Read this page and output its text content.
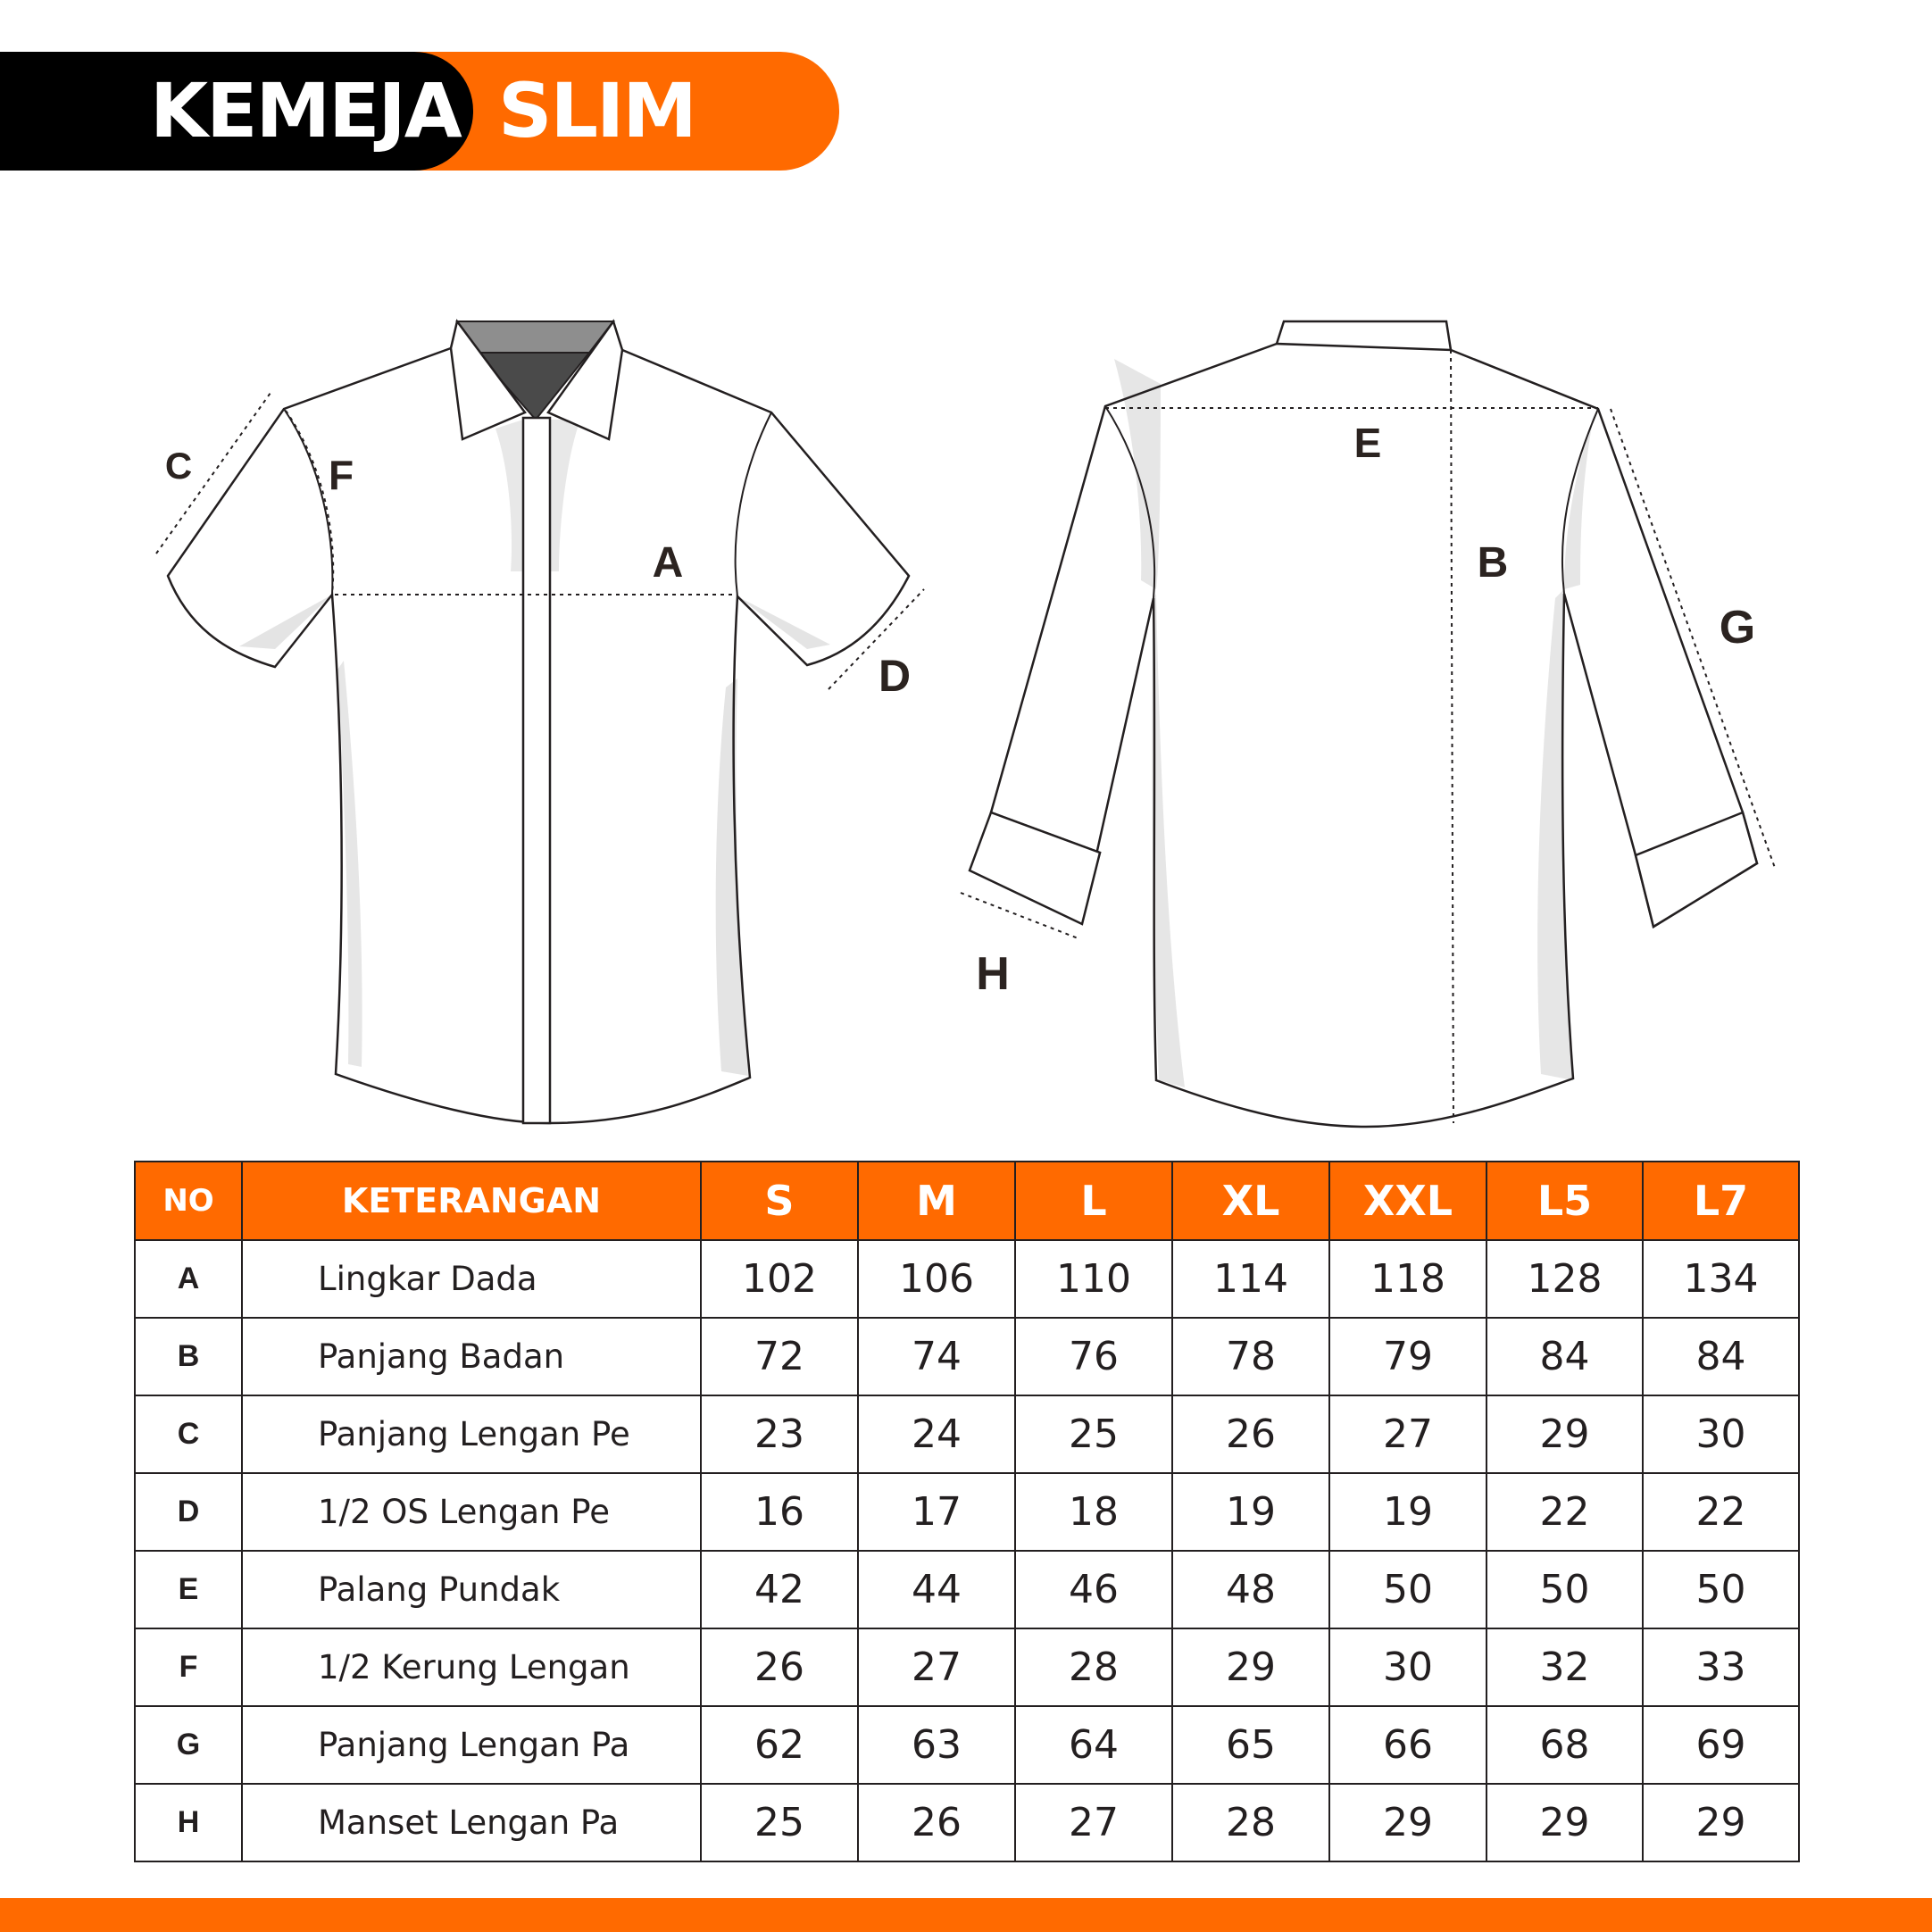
KEMEJA SLIM FIT
C	F
A
D
E
B
G
H
NO	KETERANGAN	S	M	L	XL	XXL	L5	L7
A	Lingkar Dada	102	106	110	114	118	128	134
B	Panjang Badan	72	74	76	78	79	84	84
C	Panjang Lengan Pe	23	24	25	26	27	29	30
D	1/2 OS Lengan Pe	16	17	18	19	19	22	22
E	Palang Pundak	42	44	46	48	50	50	50
F	1/2 Kerung Lengan	26	27	28	29	30	32	33
G	Panjang Lengan Pa	62	63	64	65	66	68	69
H	Manset Lengan Pa	25	26	27	28	29	29	29
